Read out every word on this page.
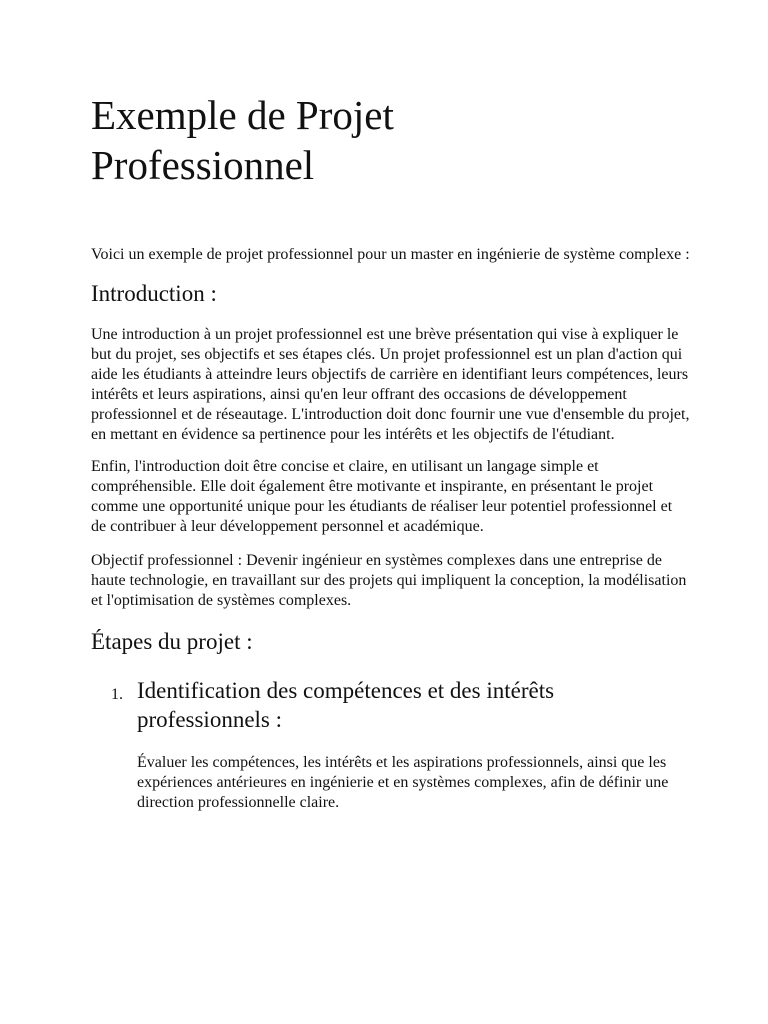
Exemple de Projet
Professionnel

Voici un exemple de projet professionnel pour un master en ingénierie de système complexe :

Introduction :

Une introduction à un projet professionnel est une brève présentation qui vise à expliquer le but du projet, ses objectifs et ses étapes clés. Un projet professionnel est un plan d'action qui aide les étudiants à atteindre leurs objectifs de carrière en identifiant leurs compétences, leurs intérêts et leurs aspirations, ainsi qu'en leur offrant des occasions de développement professionnel et de réseautage. L'introduction doit donc fournir une vue d'ensemble du projet, en mettant en évidence sa pertinence pour les intérêts et les objectifs de l'étudiant.

Enfin, l'introduction doit être concise et claire, en utilisant un langage simple et compréhensible. Elle doit également être motivante et inspirante, en présentant le projet comme une opportunité unique pour les étudiants de réaliser leur potentiel professionnel et de contribuer à leur développement personnel et académique.

Objectif professionnel : Devenir ingénieur en systèmes complexes dans une entreprise de haute technologie, en travaillant sur des projets qui impliquent la conception, la modélisation et l'optimisation de systèmes complexes.

Étapes du projet :
1. Identification des compétences et des intérêts
professionnels :

Évaluer les compétences, les intérêts et les aspirations professionnels, ainsi que les expériences antérieures en ingénierie et en systèmes complexes, afin de définir une direction professionnelle claire.
